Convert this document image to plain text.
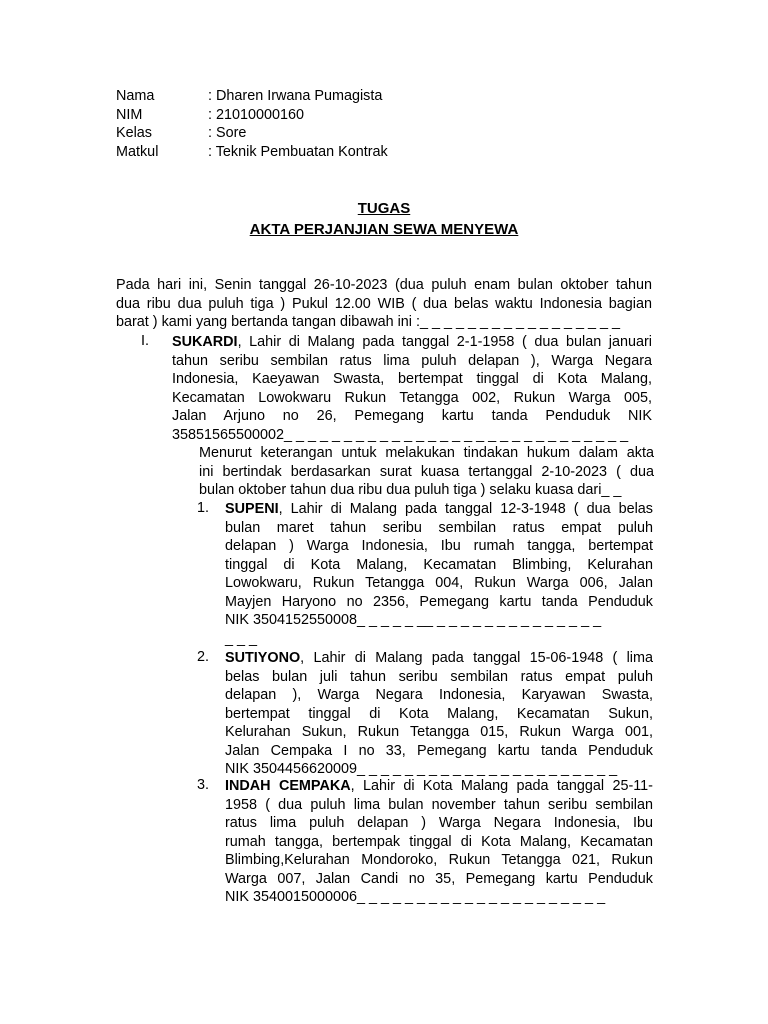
Nama	: Dharen Irwana Pumagista
NIM	: 21010000160
Kelas	: Sore
Matkul	: Teknik Pembuatan Kontrak
TUGAS
AKTA PERJANJIAN SEWA MENYEWA
Pada hari ini, Senin tanggal 26-10-2023 (dua puluh enam bulan oktober tahun
dua ribu dua puluh tiga ) Pukul 12.00 WIB ( dua belas waktu Indonesia bagian
barat ) kami yang bertanda tangan dibawah ini :_ _ _ _ _ _ _ _ _ _ _ _ _ _ _ _ _
I. SUKARDI, Lahir di Malang pada tanggal 2-1-1958 ( dua bulan januari
tahun seribu sembilan ratus lima puluh delapan ), Warga Negara
Indonesia, Kaeyawan Swasta, bertempat tinggal di Kota Malang,
Kecamatan Lowokwaru Rukun Tetangga 002, Rukun Warga 005,
Jalan Arjuno no 26, Pemegang kartu tanda Penduduk NIK
35851565500002_ _ _ _ _ _ _ _ _ _ _ _ _ _ _ _ _ _ _ _ _ _ _ _ _ _ _ _ _
Menurut keterangan untuk melakukan tindakan hukum dalam akta
ini bertindak berdasarkan surat kuasa tertanggal 2-10-2023 ( dua
bulan oktober tahun dua ribu dua puluh tiga ) selaku kuasa dari_ _
1. SUPENI, Lahir di Malang pada tanggal 12-3-1948 ( dua belas
bulan maret tahun seribu sembilan ratus empat puluh
delapan ) Warga Indonesia, Ibu rumah tangga, bertempat
tinggal di Kota Malang, Kecamatan Blimbing, Kelurahan
Lowokwaru, Rukun Tetangga 004, Rukun Warga 006, Jalan
Mayjen Haryono no 2356, Pemegang kartu tanda Penduduk
NIK 3504152550008_ _ _ _ _ __ _ _ _ _ _ _ _ _ _ _ _ _ _ _
_ _ _
2. SUTIYONO, Lahir di Malang pada tanggal 15-06-1948 ( lima
belas bulan juli tahun seribu sembilan ratus empat puluh
delapan ), Warga Negara Indonesia, Karyawan Swasta,
bertempat tinggal di Kota Malang, Kecamatan Sukun,
Kelurahan Sukun, Rukun Tetangga 015, Rukun Warga 001,
Jalan Cempaka I no 33, Pemegang kartu tanda Penduduk
NIK 3504456620009_ _ _ _ _ _ _ _ _ _ _ _ _ _ _ _ _ _ _ _ _ _
3. INDAH CEMPAKA, Lahir di Kota Malang pada tanggal 25-11-
1958 ( dua puluh lima bulan november tahun seribu sembilan
ratus lima puluh delapan ) Warga Negara Indonesia, Ibu
rumah tangga, bertempak tinggal di Kota Malang, Kecamatan
Blimbing,Kelurahan Mondoroko, Rukun Tetangga 021, Rukun
Warga 007, Jalan Candi no 35, Pemegang kartu Penduduk
NIK 3540015000006_ _ _ _ _ _ _ _ _ _ _ _ _ _ _ _ _ _ _ _ _
